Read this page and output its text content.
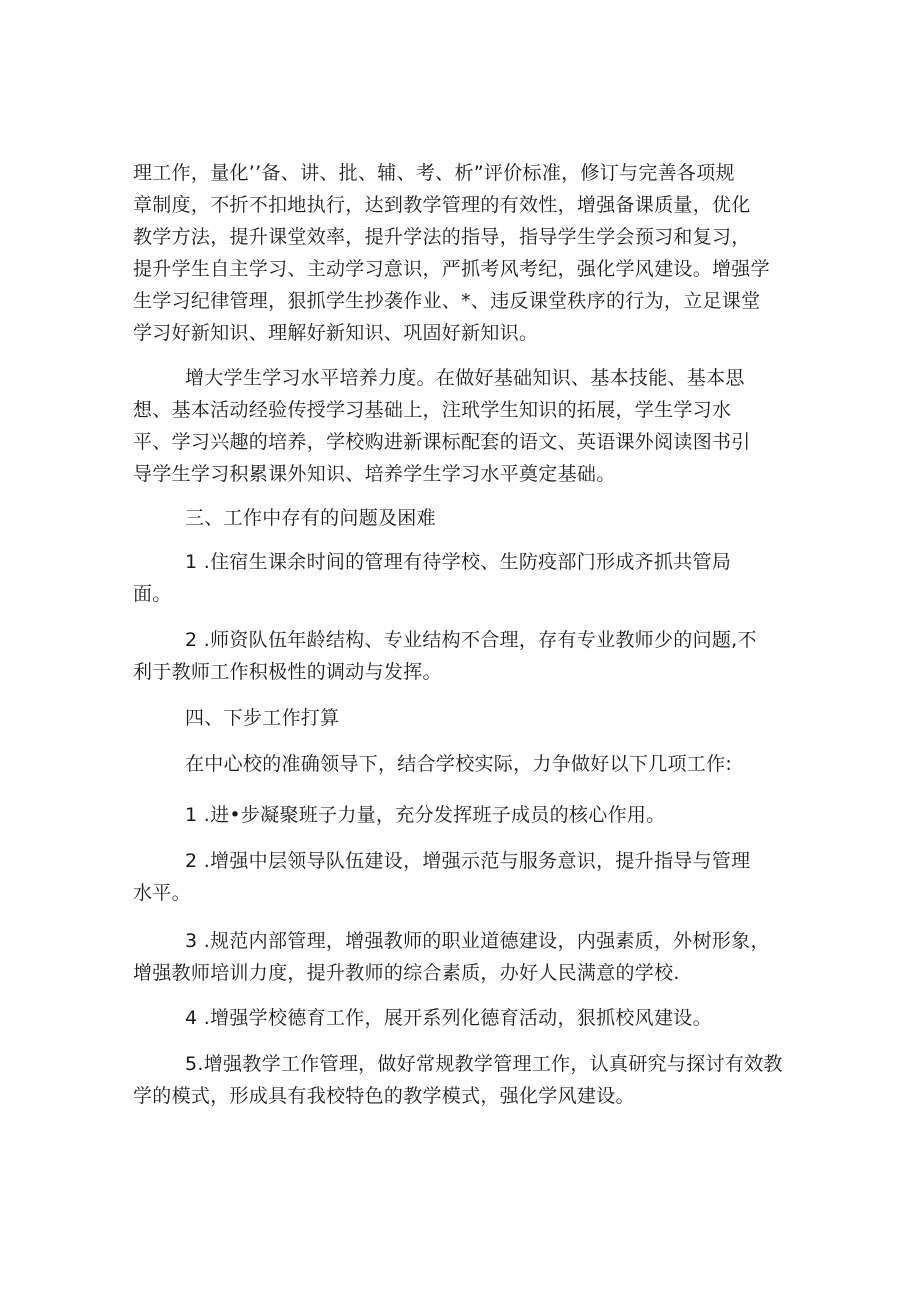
理工作，量化’’备、讲、批、辅、考、析”评价标准，修订与完善各项规
章制度，不折不扣地执行，达到教学管理的有效性，增强备课质量，优化
教学方法，提升课堂效率，提升学法的指导，指导学生学会预习和复习，
提升学生自主学习、主动学习意识，严抓考风考纪，强化学风建设。增强学
生学习纪律管理，狠抓学生抄袭作业、*、违反课堂秩序的行为，立足课堂
学习好新知识、理解好新知识、巩固好新知识。
增大学生学习水平培养力度。在做好基础知识、基本技能、基本思
想、基本活动经验传授学习基础上，注玳学生知识的拓展，学生学习水
平、学习兴趣的培养，学校购进新课标配套的语文、英语课外阅读图书引
导学生学习积累课外知识、培养学生学习水平奠定基础。
三、工作中存有的问题及困难
1 .住宿生课余时间的管理有待学校、生防疫部门形成齐抓共管局
面。
2 .师资队伍年龄结构、专业结构不合理，存有专业教师少的问题,不
利于教师工作积极性的调动与发挥。
四、下步工作打算
在中心校的准确领导下，结合学校实际，力争做好以下几项工作:
1 .进•步凝聚班子力量，充分发挥班子成员的核心作用。
2 .增强中层领导队伍建设，增强示范与服务意识，提升指导与管理
水平。
3 .规范内部管理，增强教师的职业道德建设，内强素质，外树形象，
增强教师培训力度，提升教师的综合素质，办好人民满意的学校.
4 .增强学校德育工作，展开系列化德育活动，狠抓校风建设。
5.增强教学工作管理，做好常规教学管理工作，认真研究与探讨有效教
学的模式，形成具有我校特色的教学模式，强化学风建设。
